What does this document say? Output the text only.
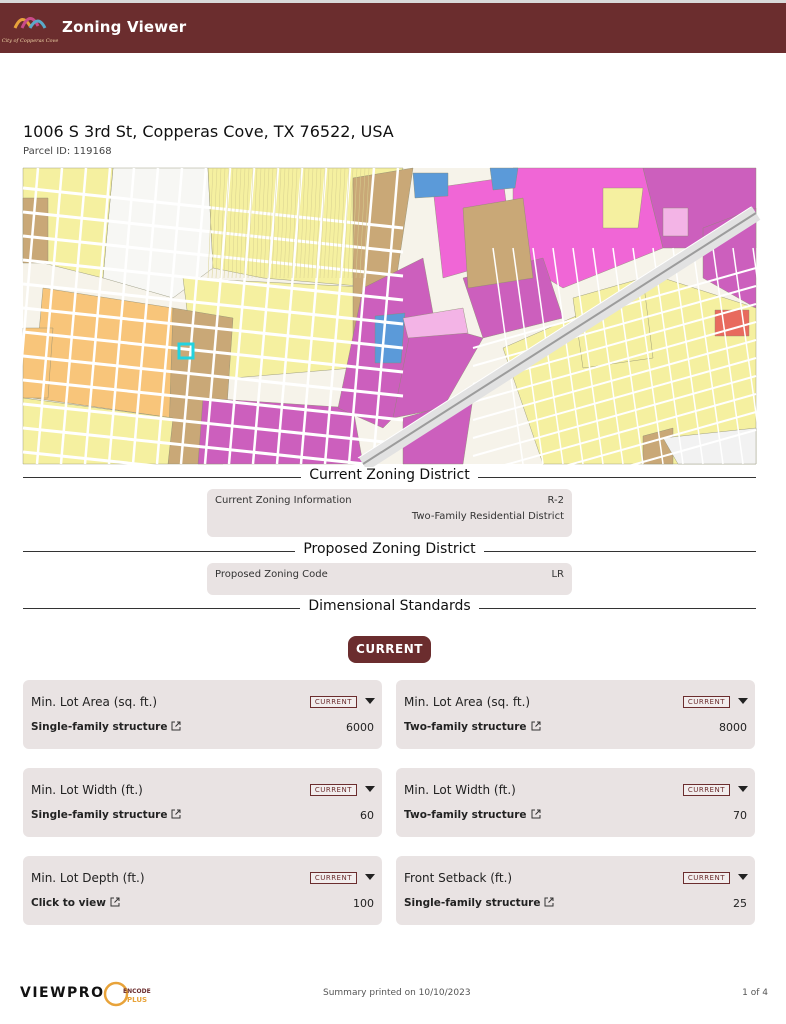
City of Copperas Cove
Zoning Viewer
1006 S 3rd St, Copperas Cove, TX 76522, USA
Parcel ID: 119168
Current Zoning District
Current Zoning Information	R-2
Two-Family Residential District
Proposed Zoning District
Proposed Zoning Code	LR
Dimensional Standards
CURRENT
Min. Lot Area (sq. ft.)	CURRENT
Single-family structure	6000
Min. Lot Area (sq. ft.)	CURRENT
Two-family structure	8000
Min. Lot Width (ft.)	CURRENT
Single-family structure	60
Min. Lot Width (ft.)	CURRENT
Two-family structure	70
Min. Lot Depth (ft.)	CURRENT
Click to view	100
Front Setback (ft.)	CURRENT
Single-family structure	25
VIEWPRO	ENCODE
PLUS
Summary printed on 10/10/2023	1 of 4
